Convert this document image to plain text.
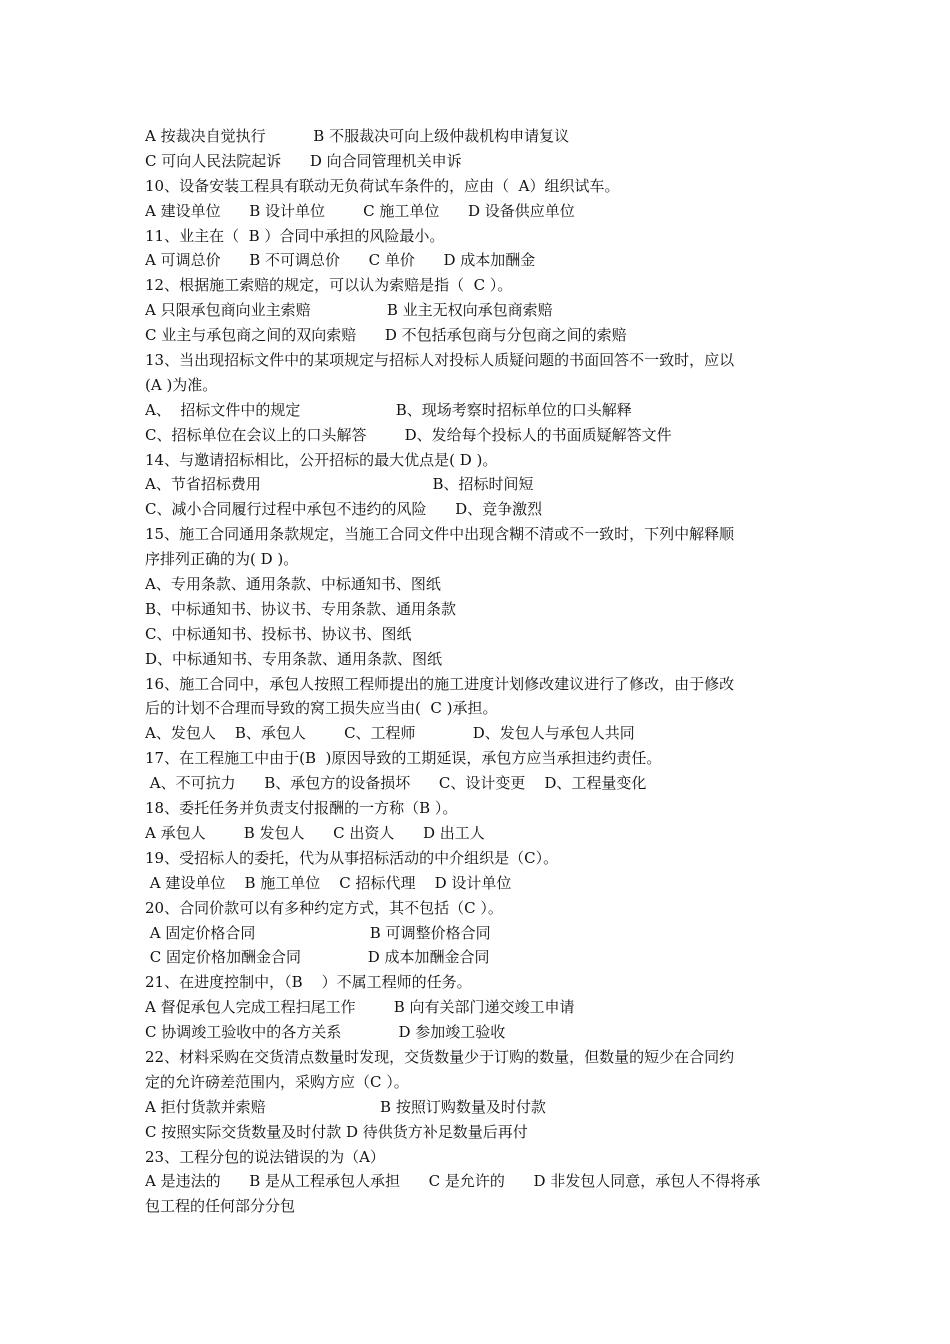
A 按裁决自觉执行          B 不服裁决可向上级仲裁机构申请复议
C 可向人民法院起诉      D 向合同管理机关申诉
10、设备安装工程具有联动无负荷试车条件的，应由（  A）组织试车。
A 建设单位      B 设计单位        C 施工单位      D 设备供应单位
11、业主在（  B ）合同中承担的风险最小。
A 可调总价      B 不可调总价      C 单价      D 成本加酬金
12、根据施工索赔的规定，可以认为索赔是指（  C ）。
A 只限承包商向业主索赔                B 业主无权向承包商索赔
C 业主与承包商之间的双向索赔      D 不包括承包商与分包商之间的索赔
13、当出现招标文件中的某项规定与招标人对投标人质疑问题的书面回答不一致时，应以
(A )为准。
A、  招标文件中的规定                    B、现场考察时招标单位的口头解释
C、招标单位在会议上的口头解答        D、发给每个投标人的书面质疑解答文件
14、与邀请招标相比，公开招标的最大优点是( D )。
A、节省招标费用                                    B、招标时间短
C、减小合同履行过程中承包不违约的风险      D、竞争激烈
15、施工合同通用条款规定，当施工合同文件中出现含糊不清或不一致时，下列中解释顺
序排列正确的为( D )。
A、专用条款、通用条款、中标通知书、图纸
B、中标通知书、协议书、专用条款、通用条款
C、中标通知书、投标书、协议书、图纸
D、中标通知书、专用条款、通用条款、图纸
16、施工合同中，承包人按照工程师提出的施工进度计划修改建议进行了修改，由于修改
后的计划不合理而导致的窝工损失应当由(  C )承担。
A、发包人    B、承包人        C、工程师            D、发包人与承包人共同
17、在工程施工中由于(B  )原因导致的工期延误，承包方应当承担违约责任。
A、不可抗力      B、承包方的设备损坏      C、设计变更    D、工程量变化
18、委托任务并负责支付报酬的一方称（B ）。
A 承包人        B 发包人      C 出资人      D 出工人
19、受招标人的委托，代为从事招标活动的中介组织是（C）。
A 建设单位    B 施工单位    C 招标代理    D 设计单位
20、合同价款可以有多种约定方式，其不包括（C ）。
A 固定价格合同                        B 可调整价格合同
C 固定价格加酬金合同              D 成本加酬金合同
21、在进度控制中，（B    ）不属工程师的任务。
A 督促承包人完成工程扫尾工作        B 向有关部门递交竣工申请
C 协调竣工验收中的各方关系            D 参加竣工验收
22、材料采购在交货清点数量时发现，交货数量少于订购的数量，但数量的短少在合同约
定的允许磅差范围内，采购方应（C ）。
A 拒付货款并索赔                        B 按照订购数量及时付款
C 按照实际交货数量及时付款 D 待供货方补足数量后再付
23、工程分包的说法错误的为（A）
A 是违法的      B 是从工程承包人承担      C 是允许的      D 非发包人同意，承包人不得将承
包工程的任何部分分包
